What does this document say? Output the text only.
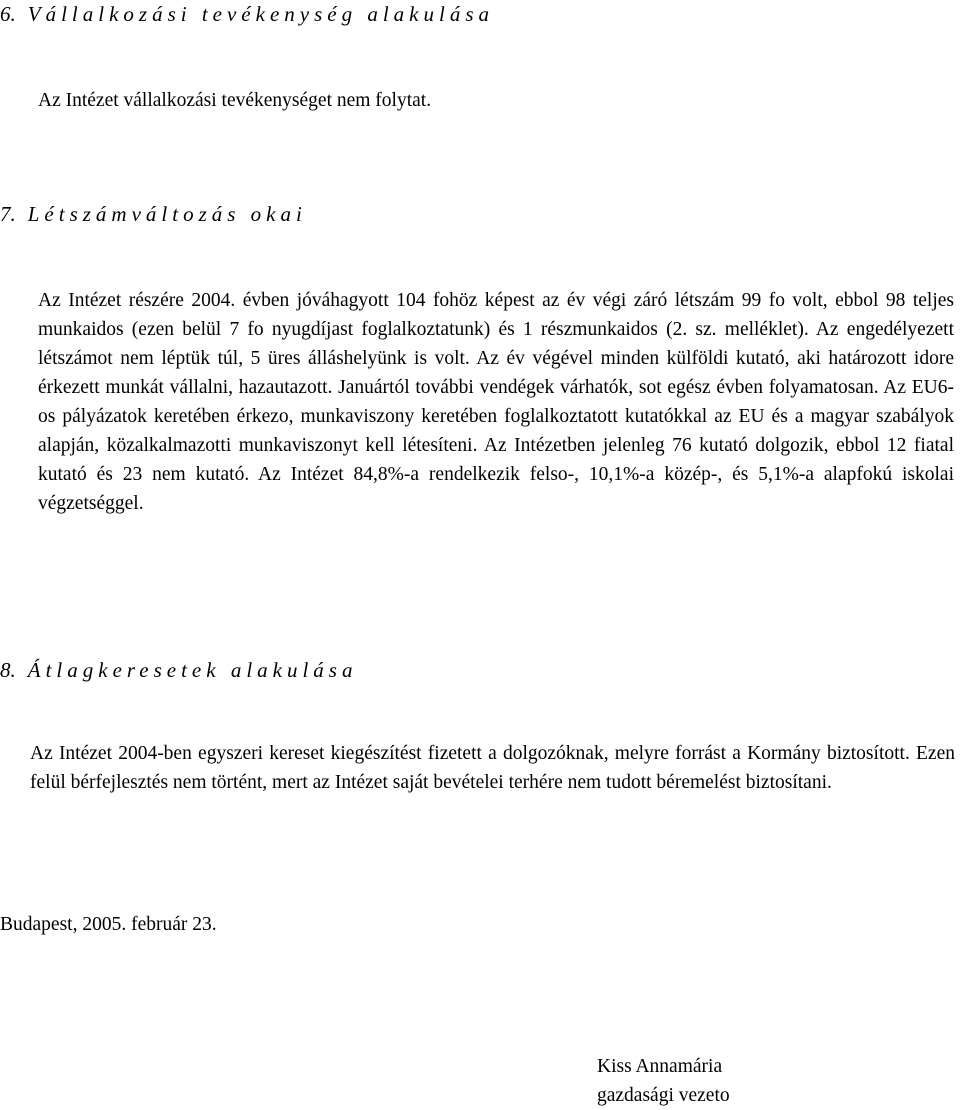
6. Vállalkozási tevékenység alakulása
Az Intézet vállalkozási tevékenységet nem folytat.
7. Létszámváltozás okai
Az Intézet részére 2004. évben jóváhagyott 104 fohöz képest az év végi záró létszám 99 fo volt, ebbol 98 teljes munkaidos (ezen belül 7 fo nyugdíjast foglalkoztatunk) és 1 részmunkaidos (2. sz. melléklet). Az engedélyezett létszámot nem léptük túl, 5 üres álláshelyünk is volt. Az év végével minden külföldi kutató, aki határozott idore érkezett munkát vállalni, hazautazott. Januártól további vendégek várhatók, sot egész évben folyamatosan. Az EU6-os pályázatok keretében érkezo, munkaviszony keretében foglalkoztatott kutatókkal az EU és a magyar szabályok alapján, közalkalmazotti munkaviszonyt kell létesíteni. Az Intézetben jelenleg 76 kutató dolgozik, ebbol 12 fiatal kutató és 23 nem kutató. Az Intézet 84,8%-a rendelkezik felso-, 10,1%-a közép-, és 5,1%-a alapfokú iskolai végzetséggel.
8. Átlagkeresetek alakulása
Az Intézet 2004-ben egyszeri kereset kiegészítést fizetett a dolgozóknak, melyre forrást a Kormány biztosított. Ezen felül bérfejlesztés nem történt, mert az Intézet saját bevételei terhére nem tudott béremelést biztosítani.
Budapest, 2005. február 23.
Kiss Annamária
gazdasági vezeto
